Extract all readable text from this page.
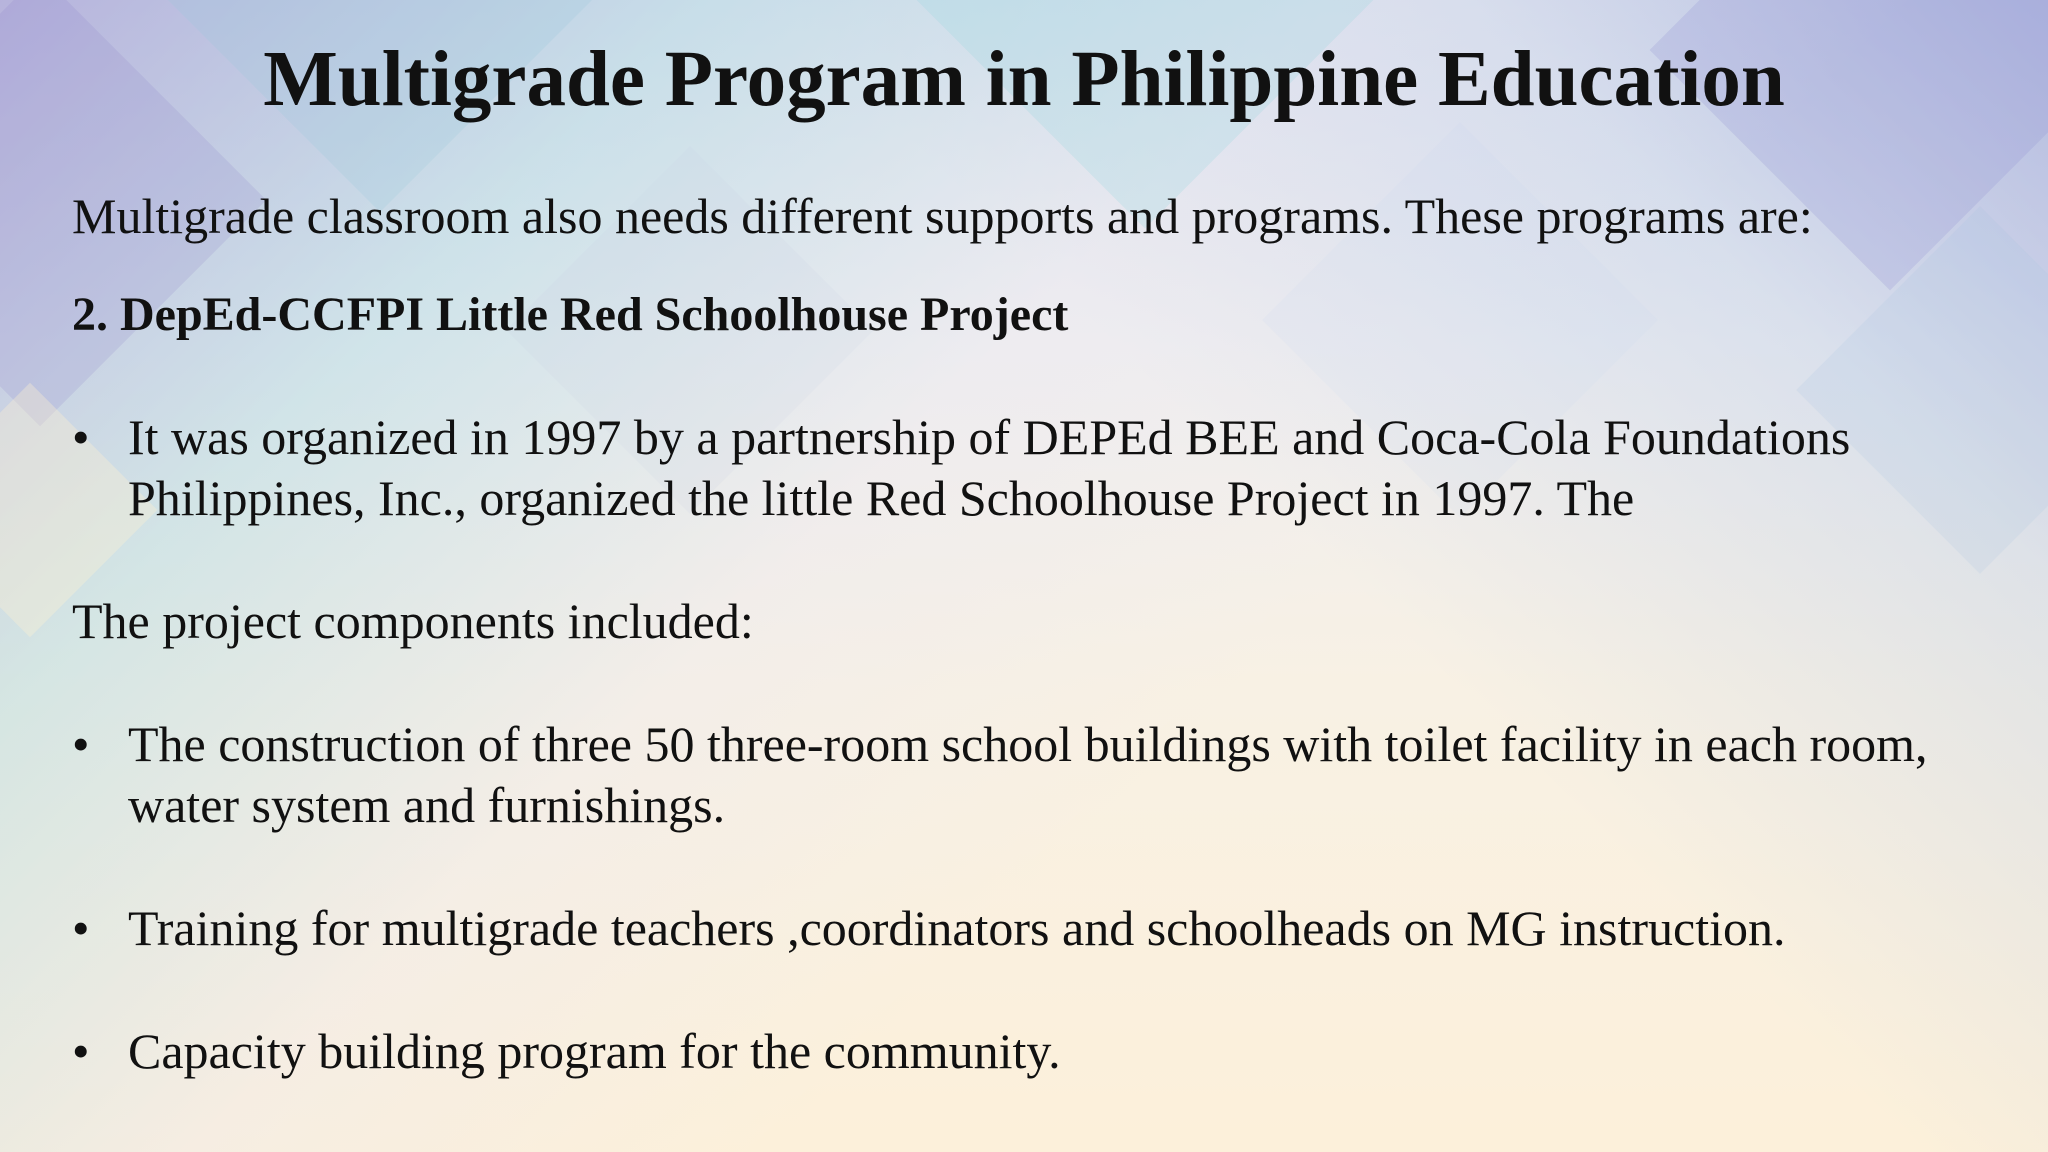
Multigrade Program in Philippine Education

Multigrade classroom also needs different supports and programs. These programs are:

2. DepEd-CCFPI Little Red Schoolhouse Project

• It was organized in 1997 by a partnership of DEPEd BEE and Coca-Cola Foundations
Philippines, Inc., organized the little Red Schoolhouse Project in 1997. The

The project components included:

• The construction of three 50 three-room school buildings with toilet facility in each room,
water system and furnishings.
• Training for multigrade teachers ,coordinators and schoolheads on MG instruction.
• Capacity building program for the community.
